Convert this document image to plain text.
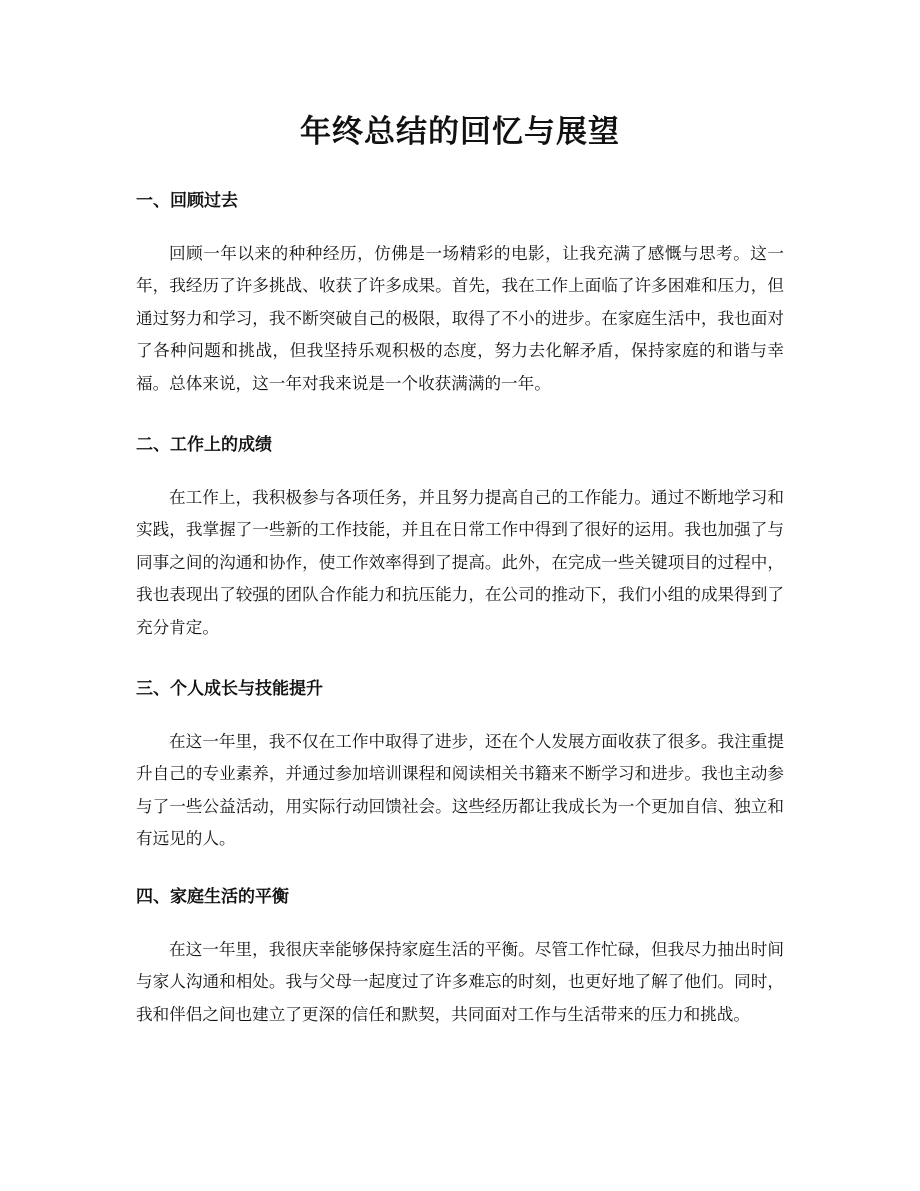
年终总结的回忆与展望
一、回顾过去

回顾一年以来的种种经历，仿佛是一场精彩的电影，让我充满了感慨与思考。这一年，我经历了许多挑战、收获了许多成果。首先，我在工作上面临了许多困难和压力，但通过努力和学习，我不断突破自己的极限，取得了不小的进步。在家庭生活中，我也面对了各种问题和挑战，但我坚持乐观积极的态度，努力去化解矛盾，保持家庭的和谐与幸福。总体来说，这一年对我来说是一个收获满满的一年。

二、工作上的成绩

在工作上，我积极参与各项任务，并且努力提高自己的工作能力。通过不断地学习和实践，我掌握了一些新的工作技能，并且在日常工作中得到了很好的运用。我也加强了与同事之间的沟通和协作，使工作效率得到了提高。此外，在完成一些关键项目的过程中，我也表现出了较强的团队合作能力和抗压能力，在公司的推动下，我们小组的成果得到了充分肯定。

三、个人成长与技能提升

在这一年里，我不仅在工作中取得了进步，还在个人发展方面收获了很多。我注重提升自己的专业素养，并通过参加培训课程和阅读相关书籍来不断学习和进步。我也主动参与了一些公益活动，用实际行动回馈社会。这些经历都让我成长为一个更加自信、独立和有远见的人。

四、家庭生活的平衡

在这一年里，我很庆幸能够保持家庭生活的平衡。尽管工作忙碌，但我尽力抽出时间与家人沟通和相处。我与父母一起度过了许多难忘的时刻，也更好地了解了他们。同时，我和伴侣之间也建立了更深的信任和默契，共同面对工作与生活带来的压力和挑战。
